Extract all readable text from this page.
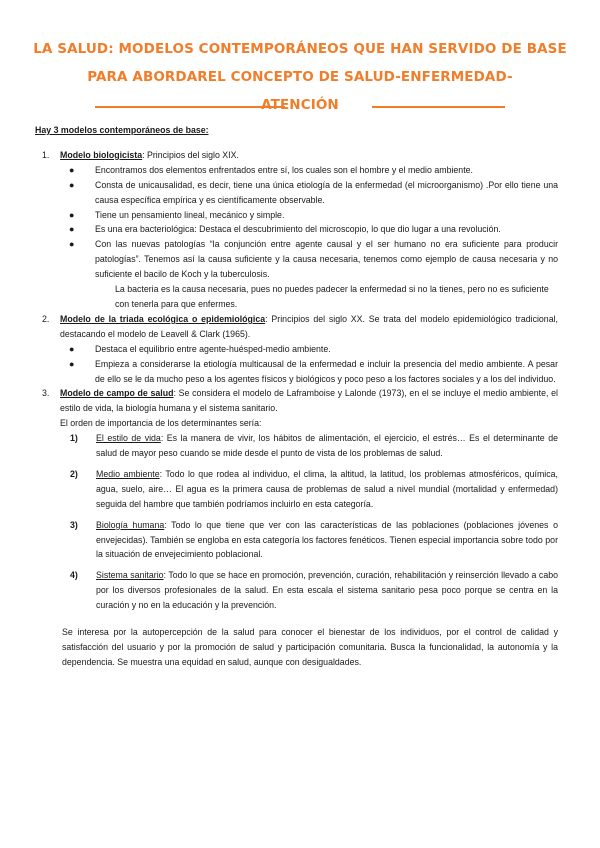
LA SALUD: MODELOS CONTEMPORÁNEOS QUE HAN SERVIDO DE BASE
PARA ABORDAREL CONCEPTO DE SALUD-ENFERMEDAD-
ATENCIÓN

Hay 3 modelos contemporáneos de base:

1. Modelo biologicista: Principios del siglo XIX.
● Encontramos dos elementos enfrentados entre sí, los cuales son el hombre y el medio ambiente.
● Consta de unicausalidad, es decir, tiene una única etiología de la enfermedad (el microorganismo) .Por ello tiene una causa específica empírica y es científicamente observable.
● Tiene un pensamiento lineal, mecánico y simple.
● Es una era bacteriológica: Destaca el descubrimiento del microscopio, lo que dio lugar a una revolución.
● Con las nuevas patologías “la conjunción entre agente causal y el ser humano no era suficiente para producir patologías”. Tenemos así la causa suficiente y la causa necesaria, tenemos como ejemplo de causa necesaria y no suficiente el bacilo de Koch y la tuberculosis.

La bacteria es la causa necesaria, pues no puedes padecer la enfermedad si no la tienes, pero no es suficiente con tenerla para que enfermes.

2. Modelo de la triada ecológica o epidemiológica: Principios del siglo XX. Se trata del modelo epidemiológico tradicional, destacando el modelo de Leavell & Clark (1965).
● Destaca el equilibrio entre agente-huésped-medio ambiente.
● Empieza a considerarse la etiología multicausal de la enfermedad e incluir la presencia del medio ambiente. A pesar de ello se le da mucho peso a los agentes físicos y biológicos y poco peso a los factores sociales y a los del individuo.
3. Modelo de campo de salud: Se considera el modelo de Laframboise y Lalonde (1973), en el se incluye el medio ambiente, el estilo de vida, la biología humana y el sistema sanitario.

El orden de importancia de los determinantes sería:

1) El estilo de vida: Es la manera de vivir, los hábitos de alimentación, el ejercicio, el estrés… Es el determinante de salud de mayor peso cuando se mide desde el punto de vista de los problemas de salud.
2) Medio ambiente: Todo lo que rodea al individuo, el clima, la altitud, la latitud, los problemas atmosféricos, química, agua, suelo, aire… El agua es la primera causa de problemas de salud a nivel mundial (mortalidad y enfermedad) seguida del hambre que también podríamos incluirlo en esta categoría.
3) Biología humana: Todo lo que tiene que ver con las características de las poblaciones (poblaciones jóvenes o envejecidas). También se engloba en esta categoría los factores fenéticos. Tienen especial importancia sobre todo por la situación de envejecimiento poblacional.
4) Sistema sanitario: Todo lo que se hace en promoción, prevención, curación, rehabilitación y reinserción llevado a cabo por los diversos profesionales de la salud. En esta escala el sistema sanitario pesa poco porque se centra en la curación y no en la educación y la prevención.

Se interesa por la autopercepción de la salud para conocer el bienestar de los individuos, por el control de calidad y satisfacción del usuario y por la promoción de salud y participación comunitaria. Busca la funcionalidad, la autonomía y la dependencia. Se muestra una equidad en salud, aunque con desigualdades.
